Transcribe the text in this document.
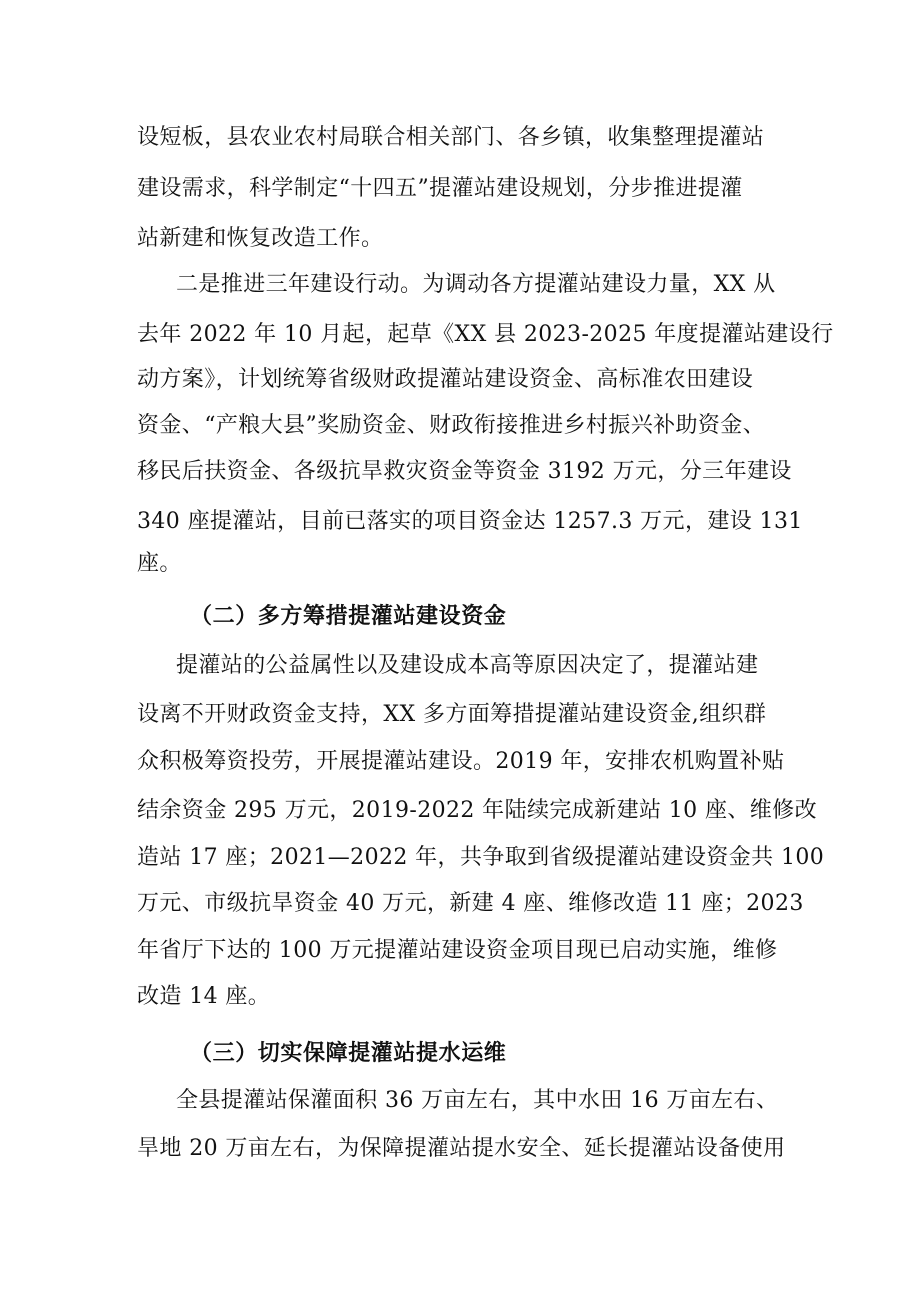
设短板，县农业农村局联合相关部门、各乡镇，收集整理提灌站
建设需求，科学制定“十四五”提灌站建设规划，分步推进提灌
站新建和恢复改造工作。
二是推进三年建设行动。为调动各方提灌站建设力量，XX 从
去年 2022 年 10 月起，起草《XX 县 2023-2025 年度提灌站建设行
动方案》，计划统筹省级财政提灌站建设资金、高标准农田建设
资金、“产粮大县”奖励资金、财政衔接推进乡村振兴补助资金、
移民后扶资金、各级抗旱救灾资金等资金 3192 万元，分三年建设
340 座提灌站，目前已落实的项目资金达 1257.3 万元，建设 131
座。
（二）多方筹措提灌站建设资金
提灌站的公益属性以及建设成本高等原因决定了，提灌站建
设离不开财政资金支持，XX 多方面筹措提灌站建设资金,组织群
众积极筹资投劳，开展提灌站建设。2019 年，安排农机购置补贴
结余资金 295 万元，2019-2022 年陆续完成新建站 10 座、维修改
造站 17 座；2021—2022 年，共争取到省级提灌站建设资金共 100
万元、市级抗旱资金 40 万元，新建 4 座、维修改造 11 座；2023
年省厅下达的 100 万元提灌站建设资金项目现已启动实施，维修
改造 14 座。
（三）切实保障提灌站提水运维
全县提灌站保灌面积 36 万亩左右，其中水田 16 万亩左右、
旱地 20 万亩左右，为保障提灌站提水安全、延长提灌站设备使用
